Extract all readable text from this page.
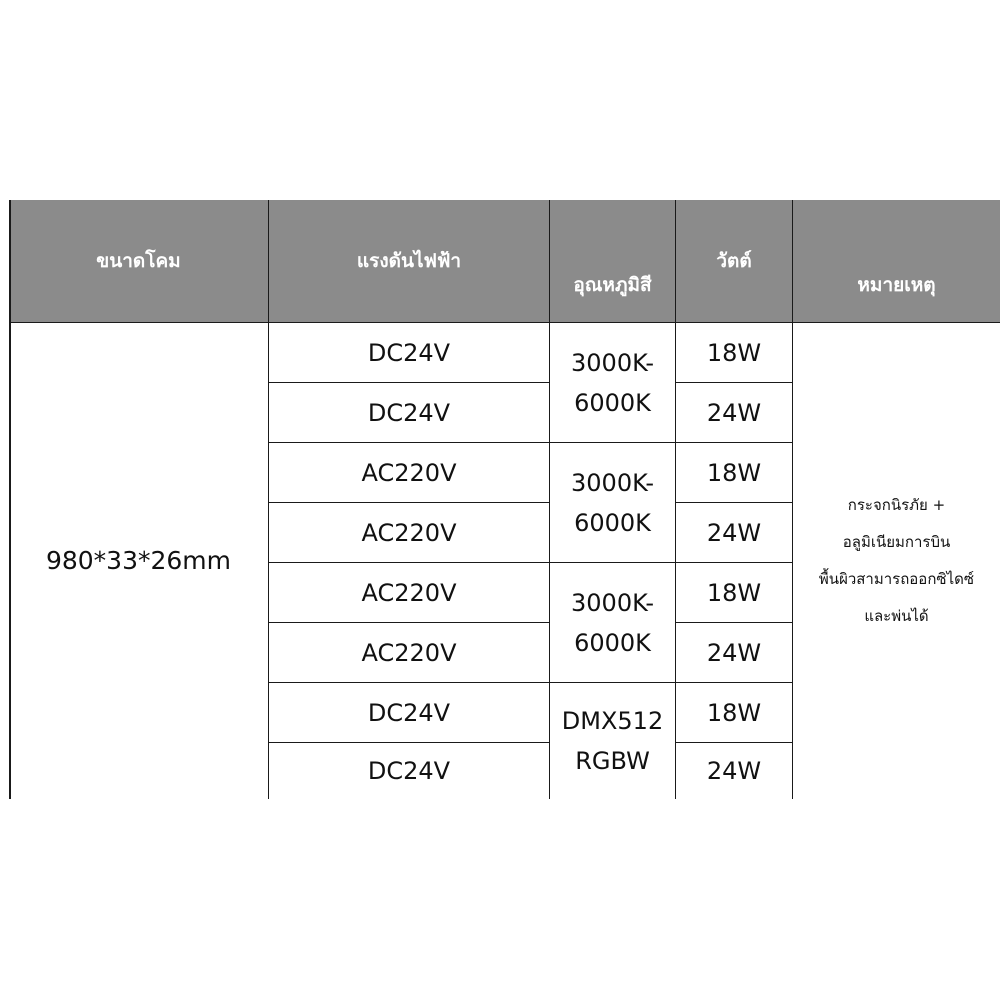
ขนาดโคม	แรงดันไฟฟ้า
อุณหภูมิสี
วัตต์
หมายเหตุ
980*33*26mm
DC24V
DC24V
AC220V
AC220V
AC220V
AC220V
DC24V
DC24V
3000K-
6000K
3000K-
6000K
3000K-
6000K
DMX512
RGBW
18W
24W
18W
24W
18W
24W
18W
24W
กระจกนิรภัย +
อลูมิเนียมการบิน
พื้นผิวสามารถออกซิไดซ์
และพ่นได้
